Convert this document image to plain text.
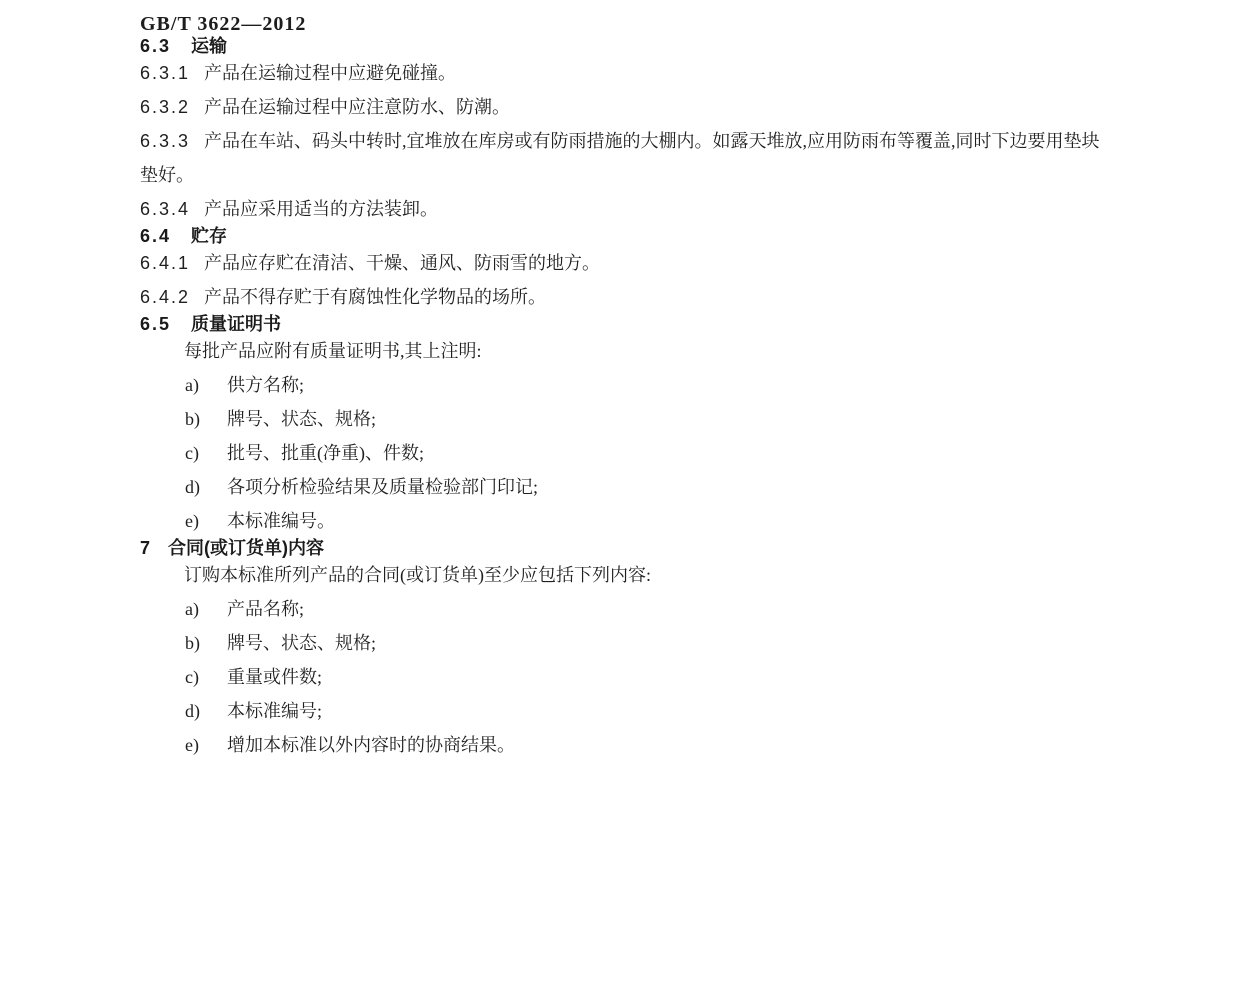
GB/T 3622—2012
6.3 运输

6.3.1 产品在运输过程中应避免碰撞。

6.3.2 产品在运输过程中应注意防水、防潮。

6.3.3 产品在车站、码头中转时,宜堆放在库房或有防雨措施的大棚内。如露天堆放,应用防雨布等覆盖,同时下边要用垫块垫好。

6.3.4 产品应采用适当的方法装卸。

6.4 贮存

6.4.1 产品应存贮在清洁、干燥、通风、防雨雪的地方。

6.4.2 产品不得存贮于有腐蚀性化学物品的场所。

6.5 质量证明书

每批产品应附有质量证明书,其上注明:

a) 供方名称;
b) 牌号、状态、规格;
c) 批号、批重(净重)、件数;
d) 各项分析检验结果及质量检验部门印记;
e) 本标准编号。
7 合同(或订货单)内容

订购本标准所列产品的合同(或订货单)至少应包括下列内容:

a) 产品名称;
b) 牌号、状态、规格;
c) 重量或件数;
d) 本标准编号;
e) 增加本标准以外内容时的协商结果。
